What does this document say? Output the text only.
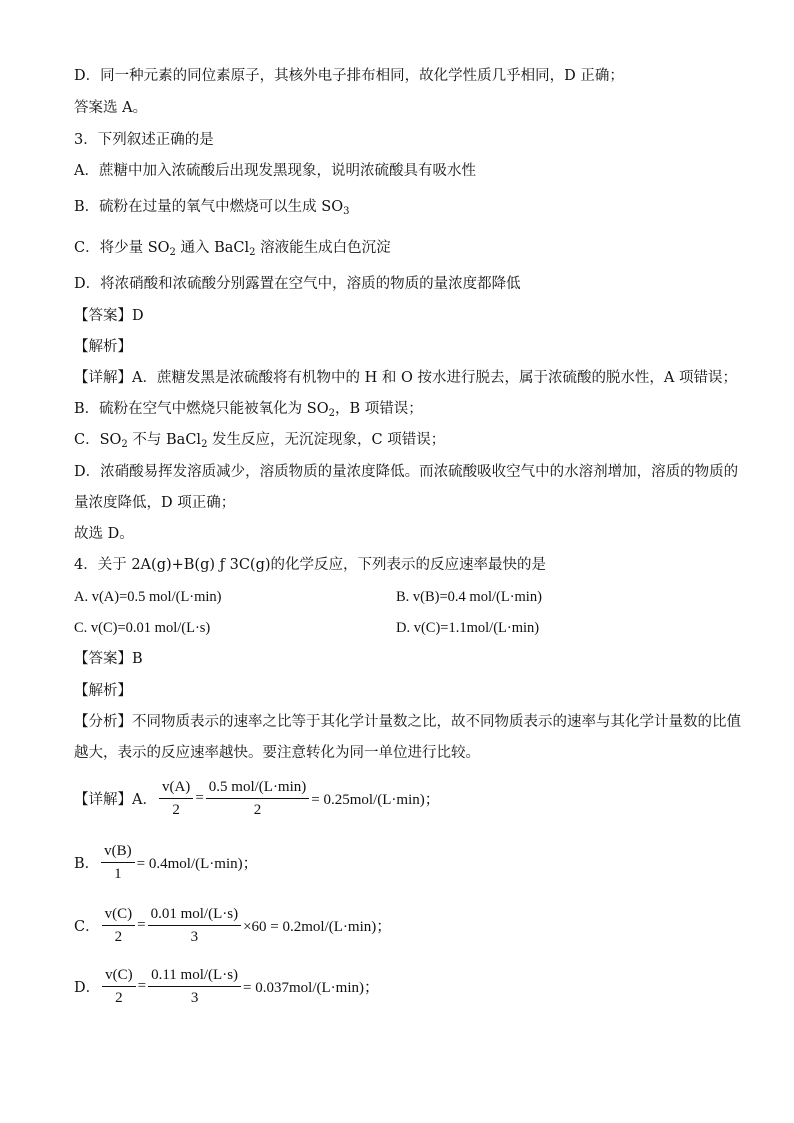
D．同一种元素的同位素原子，其核外电子排布相同，故化学性质几乎相同，D 正确；
答案选 A。
3．下列叙述正确的是
A．蔗糖中加入浓硫酸后出现发黑现象，说明浓硫酸具有吸水性
B．硫粉在过量的氧气中燃烧可以生成 $SO_3$
C．将少量 $SO_2$ 通入 BaCl$_2$ 溶液能生成白色沉淀
D．将浓硝酸和浓硫酸分别露置在空气中，溶质的物质的量浓度都降低
【答案】D
【解析】
【详解】A．蔗糖发黑是浓硫酸将有机物中的 H 和 O 按水进行脱去，属于浓硫酸的脱水性，A 项错误；
B．硫粉在空气中燃烧只能被氧化为 $SO_2$，B 项错误；
C．$SO_2$ 不与 BaCl$_2$ 发生反应，无沉淀现象，C 项错误；
D．浓硝酸易挥发溶质减少，溶质物质的量浓度降低。而浓硫酸吸收空气中的水溶剂增加，溶质的物质的
量浓度降低，D 项正确；
故选 D。
4．关于 2A(g)+B(g) ƒ 3C(g)的化学反应，下列表示的反应速率最快的是
A. v(A)=0.5 mol/(L·min)	B. v(B)=0.4 mol/(L·min)
C. v(C)=0.01 mol/(L·s)	D. v(C)=1.1mol/(L·min)
【答案】B
【解析】
【分析】不同物质表示的速率之比等于其化学计量数之比，故不同物质表示的速率与其化学计量数的比值
越大，表示的反应速率越快。要注意转化为同一单位进行比较。
【详解】A． $\frac{v(A)}{2} = \frac{\text{0.5 mol/(L·min)}}{2} = 0.25mol/(L\cdot\min)$；
B． $\frac{v(B)}{1} = 0.4mol/(L\cdot\min)$；
C． $\frac{v(C)}{2} = \frac{\text{0.01 mol/(L·s)}}{3} \times 60 = 0.2mol/(L\cdot\min)$；
D． $\frac{v(C)}{2} = \frac{\text{0.11 mol/(L·s)}}{3} = 0.037mol/(L\cdot\min)$；
